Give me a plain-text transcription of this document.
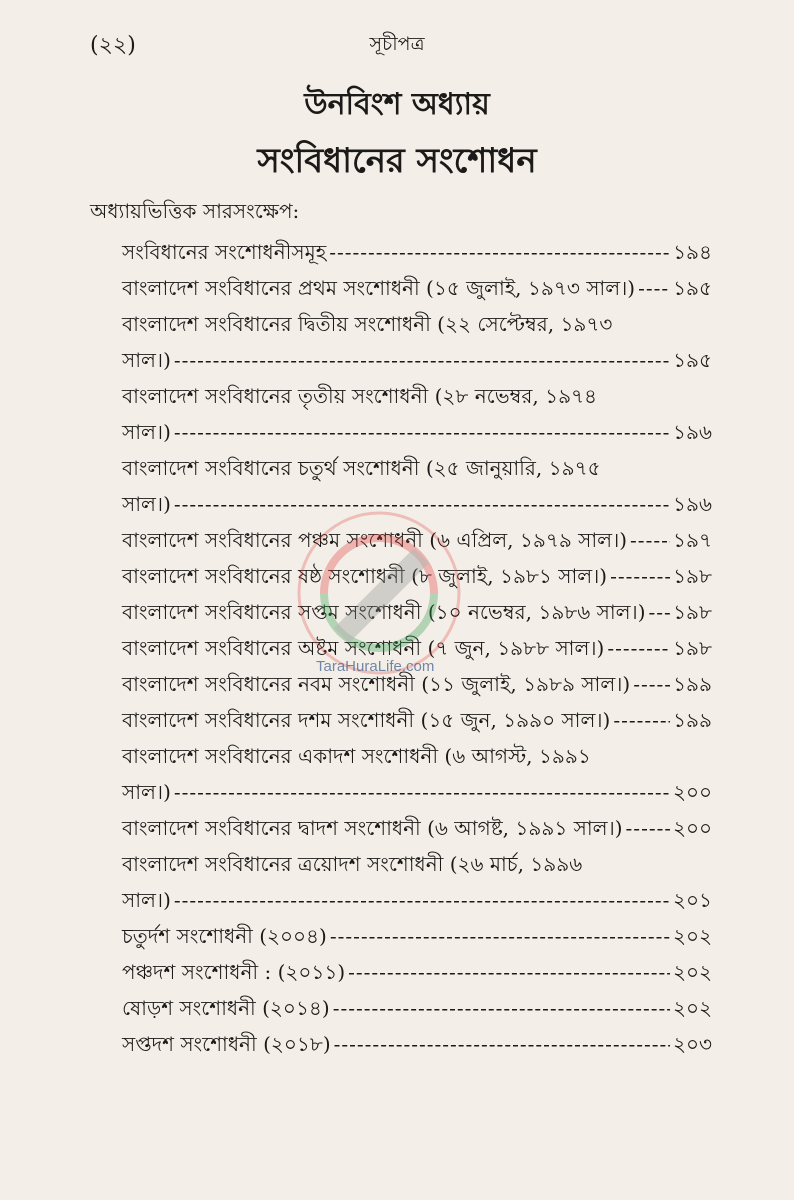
(২২)	সূচীপত্র
উনবিংশ অধ্যায়
সংবিধানের সংশোধন
অধ্যায়ভিত্তিক সারসংক্ষেপ:
সংবিধানের সংশোধনীসমূহ -----	১৯৪
বাংলাদেশ সংবিধানের প্রথম সংশোধনী (১৫ জুলাই, ১৯৭৩ সাল।) ----- ১৯৫
বাংলাদেশ সংবিধানের দ্বিতীয় সংশোধনী (২২ সেপ্টেম্বর, ১৯৭৩
সাল।) -----	১৯৫
বাংলাদেশ সংবিধানের তৃতীয় সংশোধনী (২৮ নভেম্বর, ১৯৭৪
সাল।) -----	১৯৬
বাংলাদেশ সংবিধানের চতুর্থ সংশোধনী (২৫ জানুয়ারি, ১৯৭৫
সাল।) -----	১৯৬
বাংলাদেশ সংবিধানের পঞ্চম সংশোধনী (৬ এপ্রিল, ১৯৭৯ সাল।) ----- ১৯৭
বাংলাদেশ সংবিধানের ষষ্ঠ সংশোধনী (৮ জুলাই, ১৯৮১ সাল।) -----	১৯৮
বাংলাদেশ সংবিধানের সপ্তম সংশোধনী (১০ নভেম্বর, ১৯৮৬ সাল।) ----- ১৯৮
বাংলাদেশ সংবিধানের অষ্টম সংশোধনী (৭ জুন, ১৯৮৮ সাল।) -----	১৯৮
বাংলাদেশ সংবিধানের নবম সংশোধনী (১১ জুলাই, ১৯৮৯ সাল।) ----- ১৯৯
বাংলাদেশ সংবিধানের দশম সংশোধনী (১৫ জুন, ১৯৯০ সাল।) -----	১৯৯
বাংলাদেশ সংবিধানের একাদশ সংশোধনী (৬ আগস্ট, ১৯৯১
সাল।) -----	২০০
বাংলাদেশ সংবিধানের দ্বাদশ সংশোধনী (৬ আগষ্ট, ১৯৯১ সাল।) -----	২০০
বাংলাদেশ সংবিধানের ত্রয়োদশ সংশোধনী (২৬ মার্চ, ১৯৯৬
সাল।) -----	২০১
চতুর্দশ সংশোধনী (২০০৪) -----	২০২
পঞ্চদশ সংশোধনী : (২০১১) -----	২০২
ষোড়শ সংশোধনী (২০১৪) -----	২০২
সপ্তদশ সংশোধনী (২০১৮) -----	২০৩
TaraHuraLife.com
